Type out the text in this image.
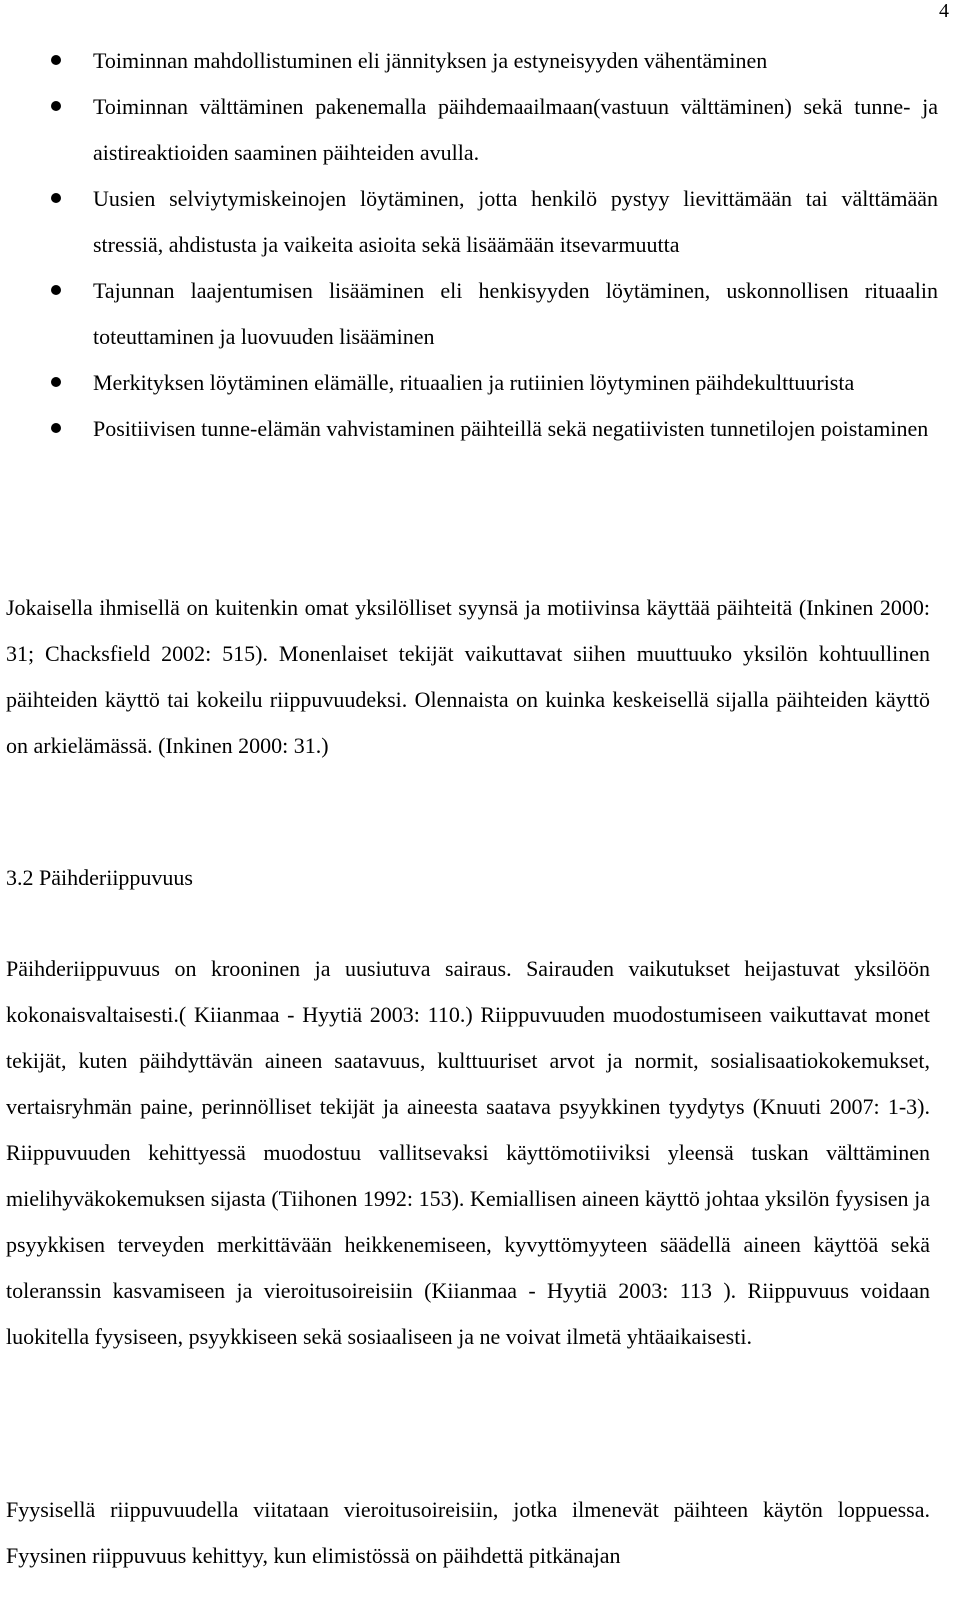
4
Toiminnan mahdollistuminen eli jännityksen ja estyneisyyden vähentäminen
Toiminnan välttäminen pakenemalla päihdemaailmaan(vastuun välttäminen) sekä tunne- ja aistireaktioiden saaminen päihteiden avulla.
Uusien selviytymiskeinojen löytäminen, jotta henkilö pystyy lievittämään tai välttämään stressiä, ahdistusta ja vaikeita asioita sekä lisäämään itsevarmuutta
Tajunnan laajentumisen lisääminen eli henkisyyden löytäminen, uskonnollisen rituaalin toteuttaminen ja luovuuden lisääminen
Merkityksen löytäminen elämälle, rituaalien ja rutiinien löytyminen päihdekulttuurista
Positiivisen tunne-elämän vahvistaminen päihteillä sekä negatiivisten tunnetilojen poistaminen

Jokaisella ihmisellä on kuitenkin omat yksilölliset syynsä ja motiivinsa käyttää päihteitä (Inkinen 2000: 31; Chacksfield 2002: 515). Monenlaiset tekijät vaikuttavat siihen muuttuuko yksilön kohtuullinen päihteiden käyttö tai kokeilu riippuvuudeksi. Olennaista on kuinka keskeisellä sijalla päihteiden käyttö on arkielämässä. (Inkinen 2000: 31.)

3.2 Päihderiippuvuus

Päihderiippuvuus on krooninen ja uusiutuva sairaus. Sairauden vaikutukset heijastuvat yksilöön kokonaisvaltaisesti.( Kiianmaa - Hyytiä 2003: 110.) Riippuvuuden muodostumiseen vaikuttavat monet tekijät, kuten päihdyttävän aineen saatavuus, kulttuuriset arvot ja normit, sosialisaatiokokemukset, vertaisryhmän paine, perinnölliset tekijät ja aineesta saatava psyykkinen tyydytys (Knuuti 2007: 1-3). Riippuvuuden kehittyessä muodostuu vallitsevaksi käyttömotiiviksi yleensä tuskan välttäminen mielihyväkokemuksen sijasta (Tiihonen 1992: 153). Kemiallisen aineen käyttö johtaa yksilön fyysisen ja psyykkisen terveyden merkittävään heikkenemiseen, kyvyttömyyteen säädellä aineen käyttöä sekä toleranssin kasvamiseen ja vieroitusoireisiin (Kiianmaa - Hyytiä 2003: 113 ). Riippuvuus voidaan luokitella fyysiseen, psyykkiseen sekä sosiaaliseen ja ne voivat ilmetä yhtäaikaisesti.

Fyysisellä riippuvuudella viitataan vieroitusoireisiin, jotka ilmenevät päihteen käytön loppuessa. Fyysinen riippuvuus kehittyy, kun elimistössä on päihdettä pitkänajan
